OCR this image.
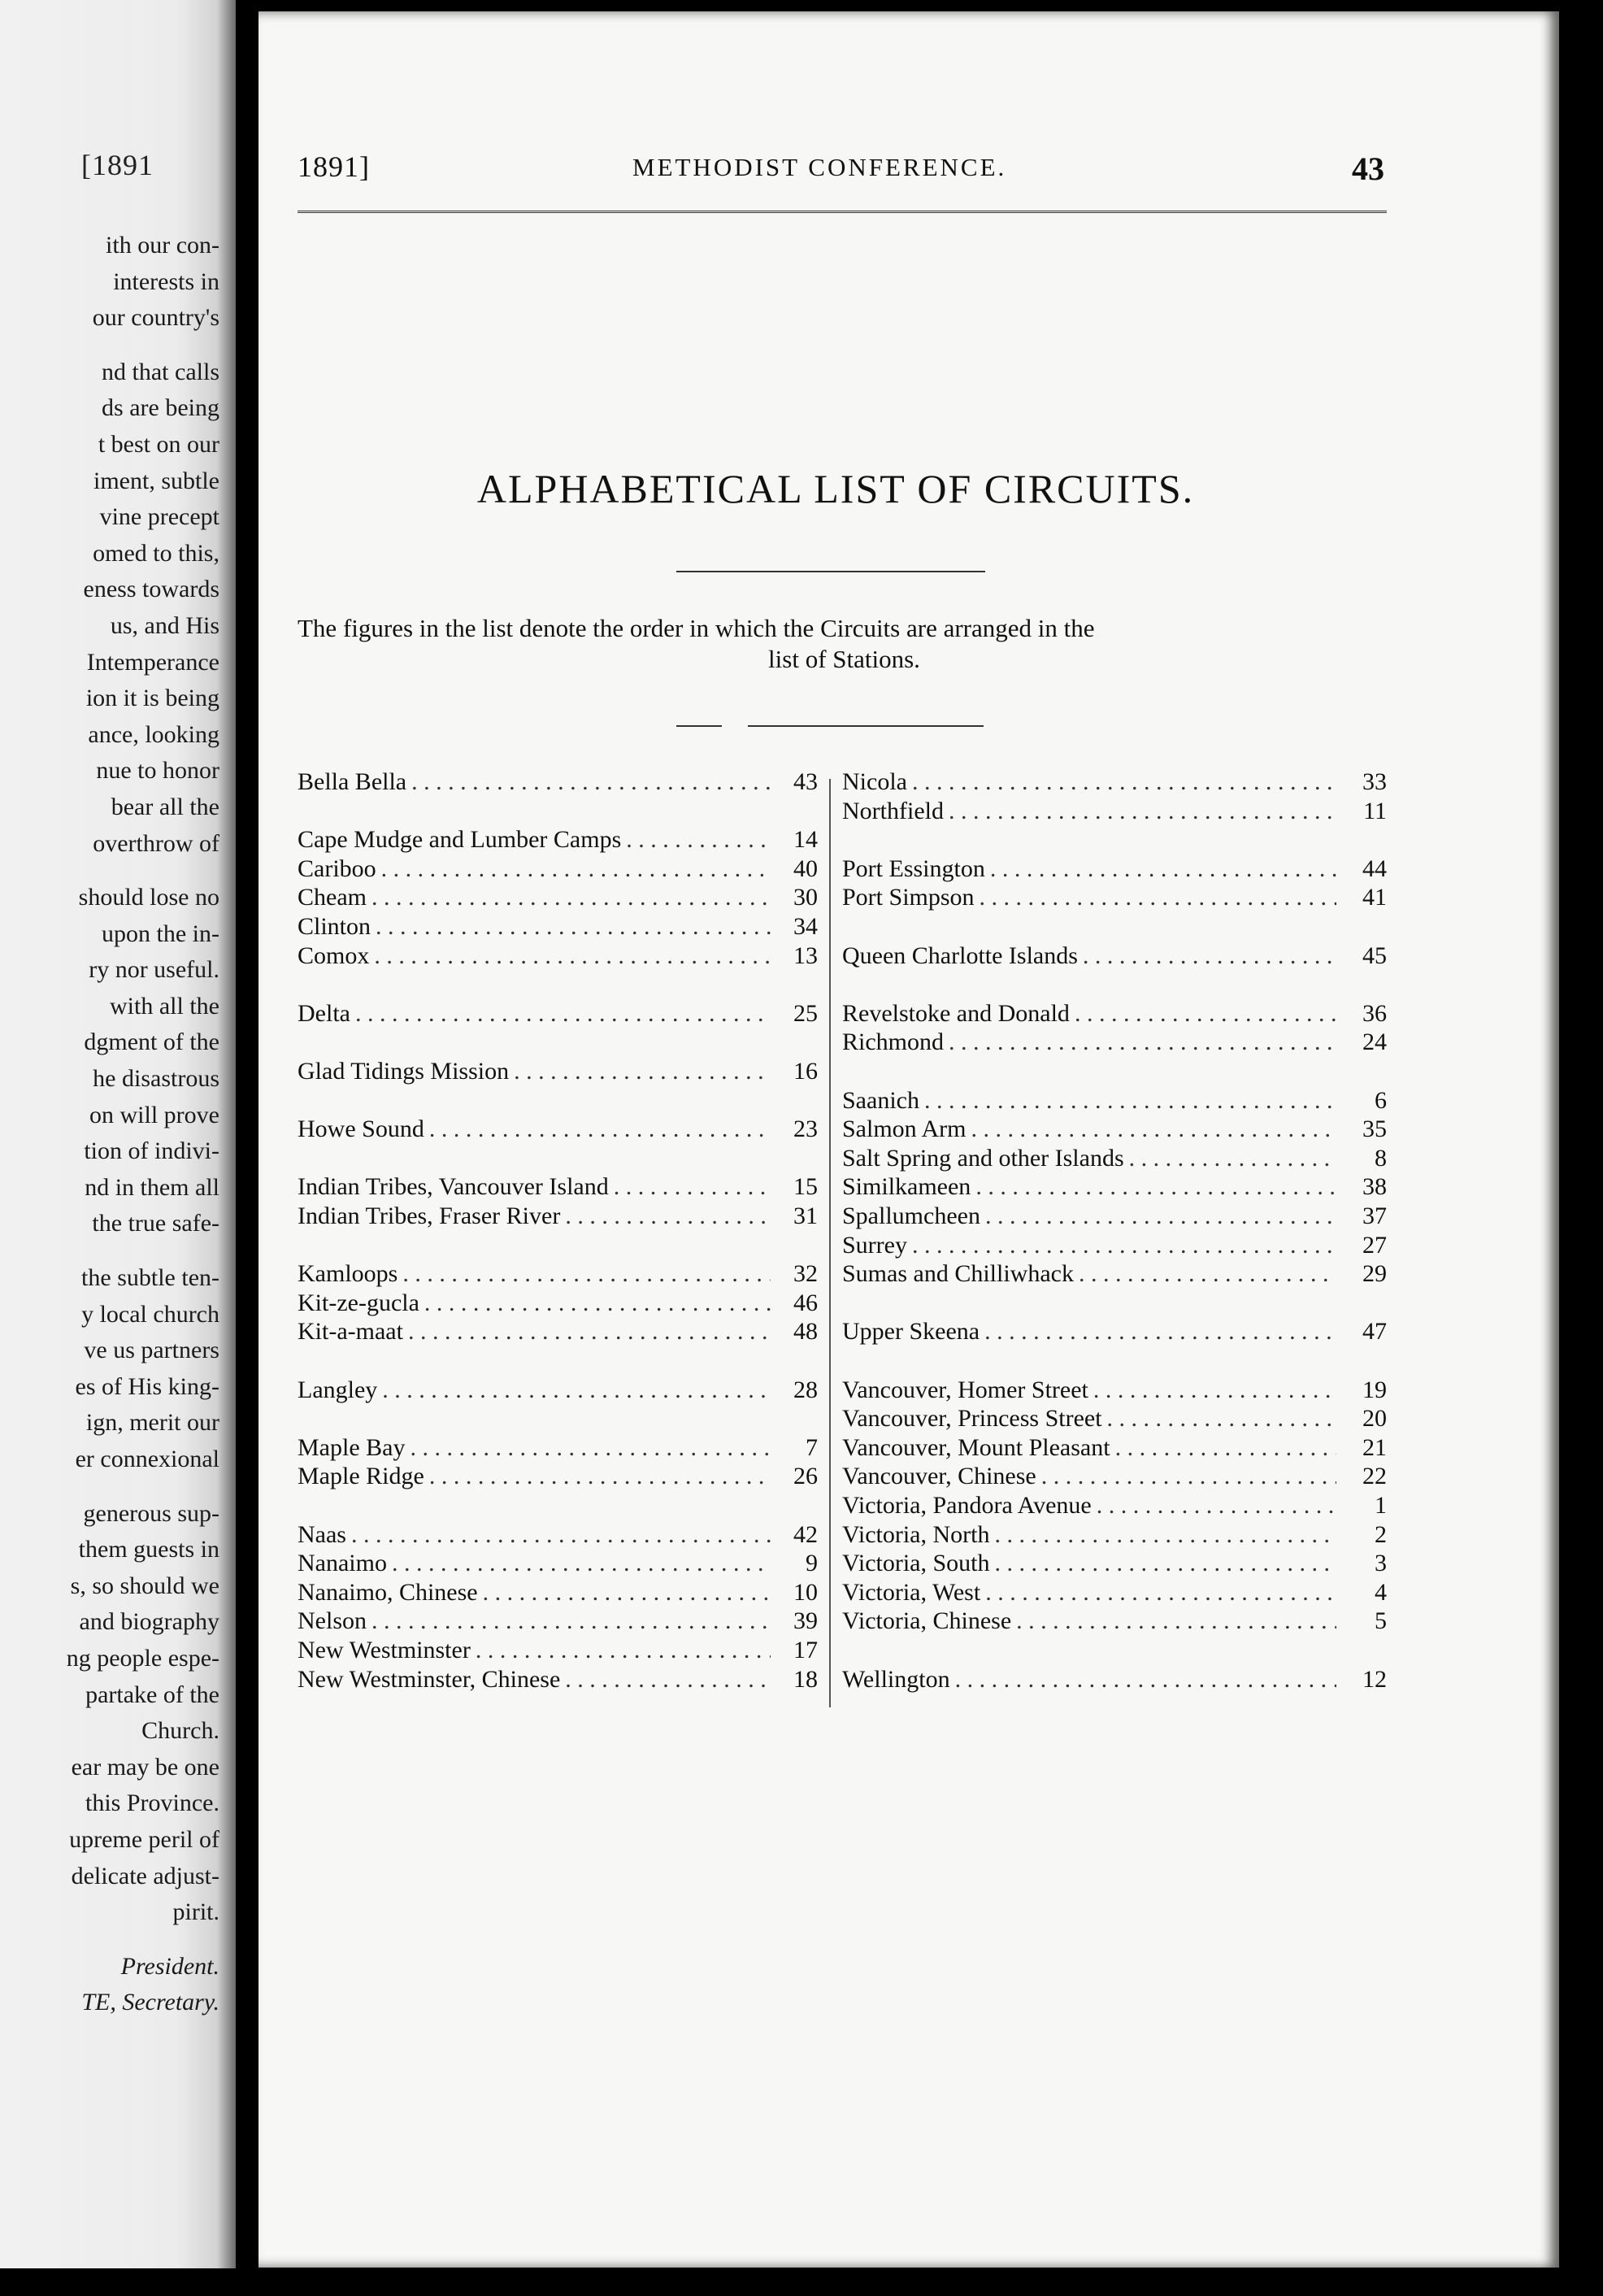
[1891
ith our con-
interests in
our country's
nd that calls
ds are being
t best on our
iment, subtle
vine precept
omed to this,
eness towards
us, and His
Intemperance
ion it is being
ance, looking
nue to honor
bear all the
overthrow of
should lose no
upon the in-
ry nor useful.
with all the
dgment of the
he disastrous
on will prove
tion of indivi-
nd in them all
the true safe-
the subtle ten-
y local church
ve us partners
es of His king-
ign, merit our
er connexional
generous sup-
them guests in
s, so should we
and biography
ng people espe-
partake of the
Church.
ear may be one
this Province.
upreme peril of
delicate adjust-
pirit.
President.
TE, Secretary.
1891]	METHODIST CONFERENCE.	43
ALPHABETICAL LIST OF CIRCUITS.
The figures in the list denote the order in which the Circuits are arranged in the
list of Stations.
Bella Bella . . .	43
Cape Mudge and Lumber Camps . . .	14
Cariboo . . .	40
Cheam . . .	30
Clinton . . .	34
Comox . . .	13
Delta . . .	25
Glad Tidings Mission . . .	16
Howe Sound . . .	23
Indian Tribes, Vancouver Island . . .	15
Indian Tribes, Fraser River . . .	31
Kamloops . . .	32
Kit-ze-gucla . . .	46
Kit-a-maat . . .	48
Langley . . .	28
Maple Bay . . .	7
Maple Ridge . . .	26
Naas . . .	42
Nanaimo . . .	9
Nanaimo, Chinese . . .	10
Nelson . . .	39
New Westminster . . .	17
New Westminster, Chinese . . .	18
Nicola . . .	33
Northfield . . .	11
Port Essington . . .	44
Port Simpson . . .	41
Queen Charlotte Islands . . .	45
Revelstoke and Donald . . .	36
Richmond . . .	24
Saanich . . .	6
Salmon Arm . . .	35
Salt Spring and other Islands . . .	8
Similkameen . . .	38
Spallumcheen . . .	37
Surrey . . .	27
Sumas and Chilliwhack . . .	29
Upper Skeena . . .	47
Vancouver, Homer Street . . .	19
Vancouver, Princess Street . . .	20
Vancouver, Mount Pleasant . . .	21
Vancouver, Chinese . . .	22
Victoria, Pandora Avenue . . .	1
Victoria, North . . .	2
Victoria, South . . .	3
Victoria, West . . .	4
Victoria, Chinese . . .	5
Wellington . . .	12
